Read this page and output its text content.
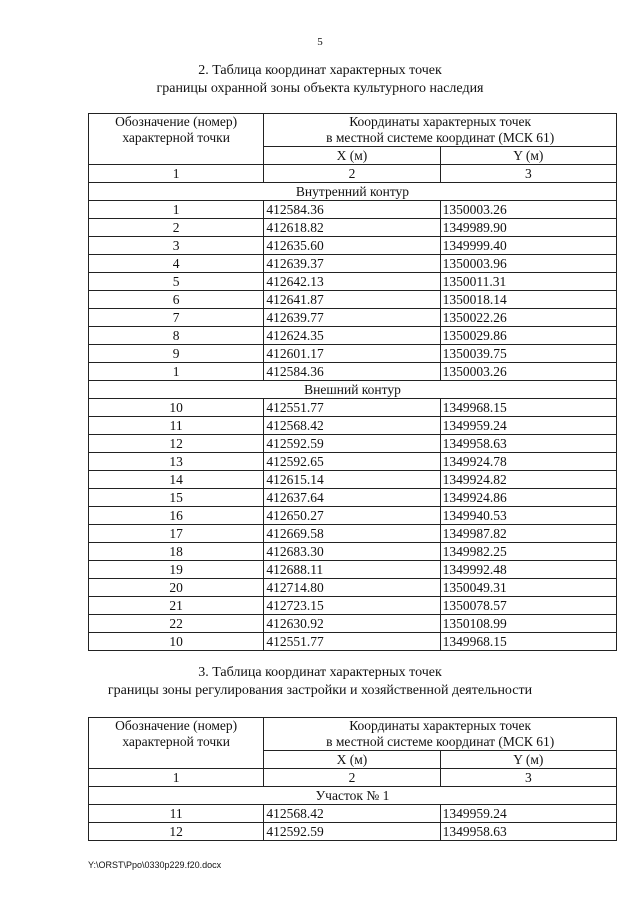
5
2. Таблица координат характерных точек
границы охранной зоны объекта культурного наследия
Обозначение (номер) характерной точки	Координаты характерных точек
в местной системе координат (МСК 61)	

	X (м)	Y (м)
1	2	3
Внутренний контур		
1	412584.36	1350003.26
2	412618.82	1349989.90
3	412635.60	1349999.40
4	412639.37	1350003.96
5	412642.13	1350011.31
6	412641.87	1350018.14
7	412639.77	1350022.26
8	412624.35	1350029.86
9	412601.17	1350039.75
1	412584.36	1350003.26
Внешний контур		
10	412551.77	1349968.15
11	412568.42	1349959.24
12	412592.59	1349958.63
13	412592.65	1349924.78
14	412615.14	1349924.82
15	412637.64	1349924.86
16	412650.27	1349940.53
17	412669.58	1349987.82
18	412683.30	1349982.25
19	412688.11	1349992.48
20	412714.80	1350049.31
21	412723.15	1350078.57
22	412630.92	1350108.99
10	412551.77	1349968.15
3. Таблица координат характерных точек
границы зоны регулирования застройки и хозяйственной деятельности
Обозначение (номер) характерной точки	Координаты характерных точек
в местной системе координат (МСК 61)	

	X (м)	Y (м)
1	2	3
Участок № 1		
11	412568.42	1349959.24
12	412592.59	1349958.63
Y:\ORST\Ppo\0330p229.f20.docx
